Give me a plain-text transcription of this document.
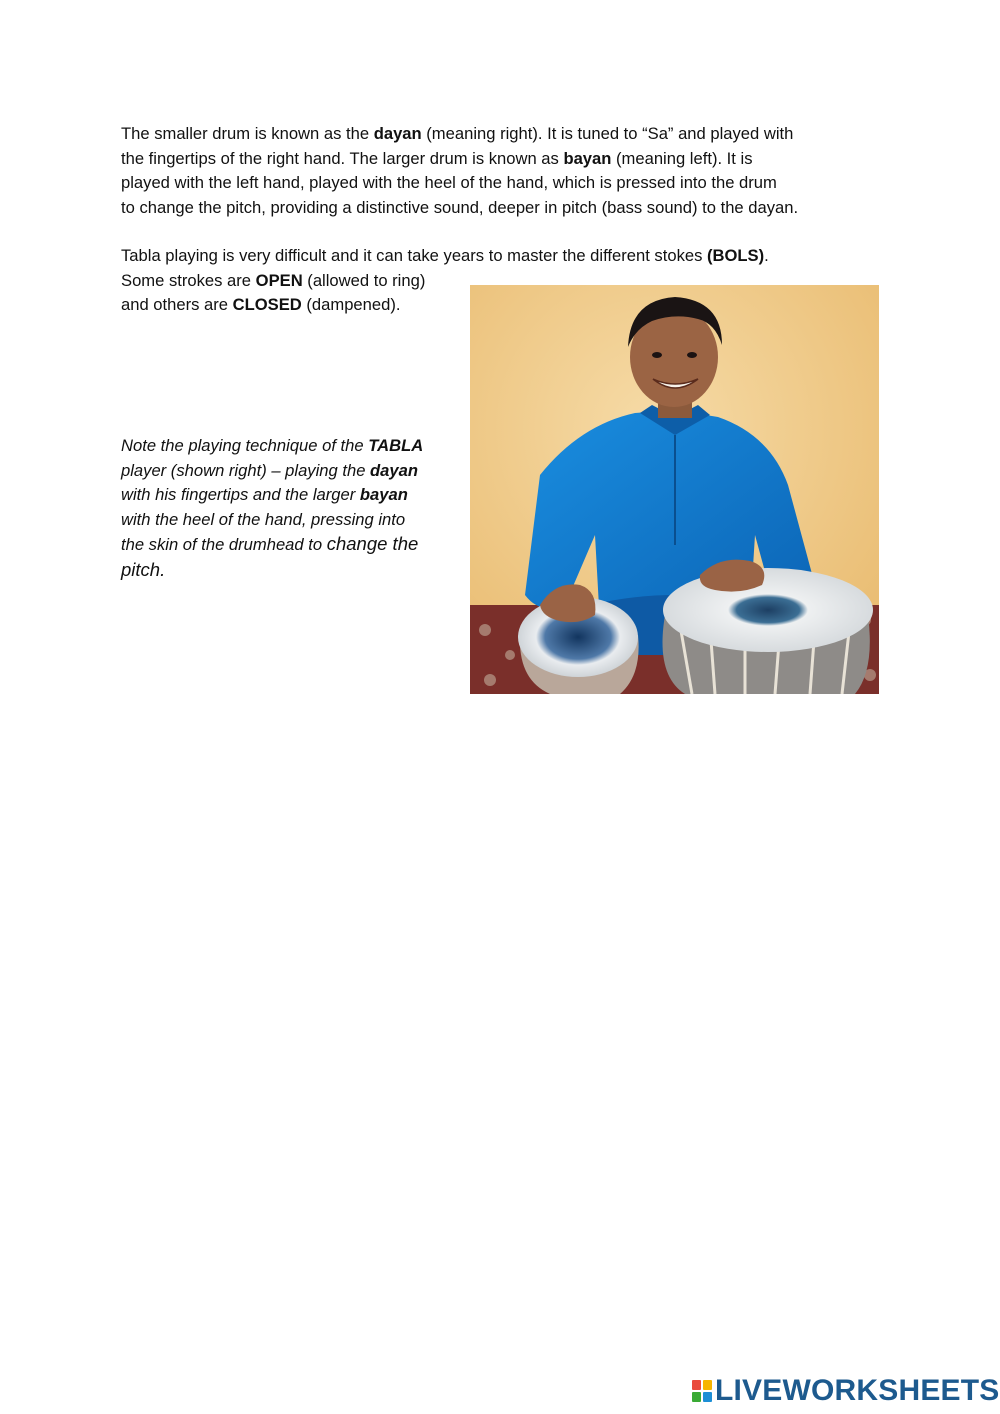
The smaller drum is known as the dayan (meaning right). It is tuned to “Sa” and played with
the fingertips of the right hand. The larger drum is known as bayan (meaning left). It is
played with the left hand, played with the heel of the hand, which is pressed into the drum
to change the pitch, providing a distinctive sound, deeper in pitch (bass sound) to the dayan.
Tabla playing is very difficult and it can take years to master the different stokes (BOLS).
Some strokes are OPEN (allowed to ring)
and others are CLOSED (dampened).
Note the playing technique of the TABLA
player (shown right) – playing the dayan
with his fingertips and the larger bayan
with the heel of the hand, pressing into
the skin of the drumhead to change the
pitch.
LIVEWORKSHEETS
